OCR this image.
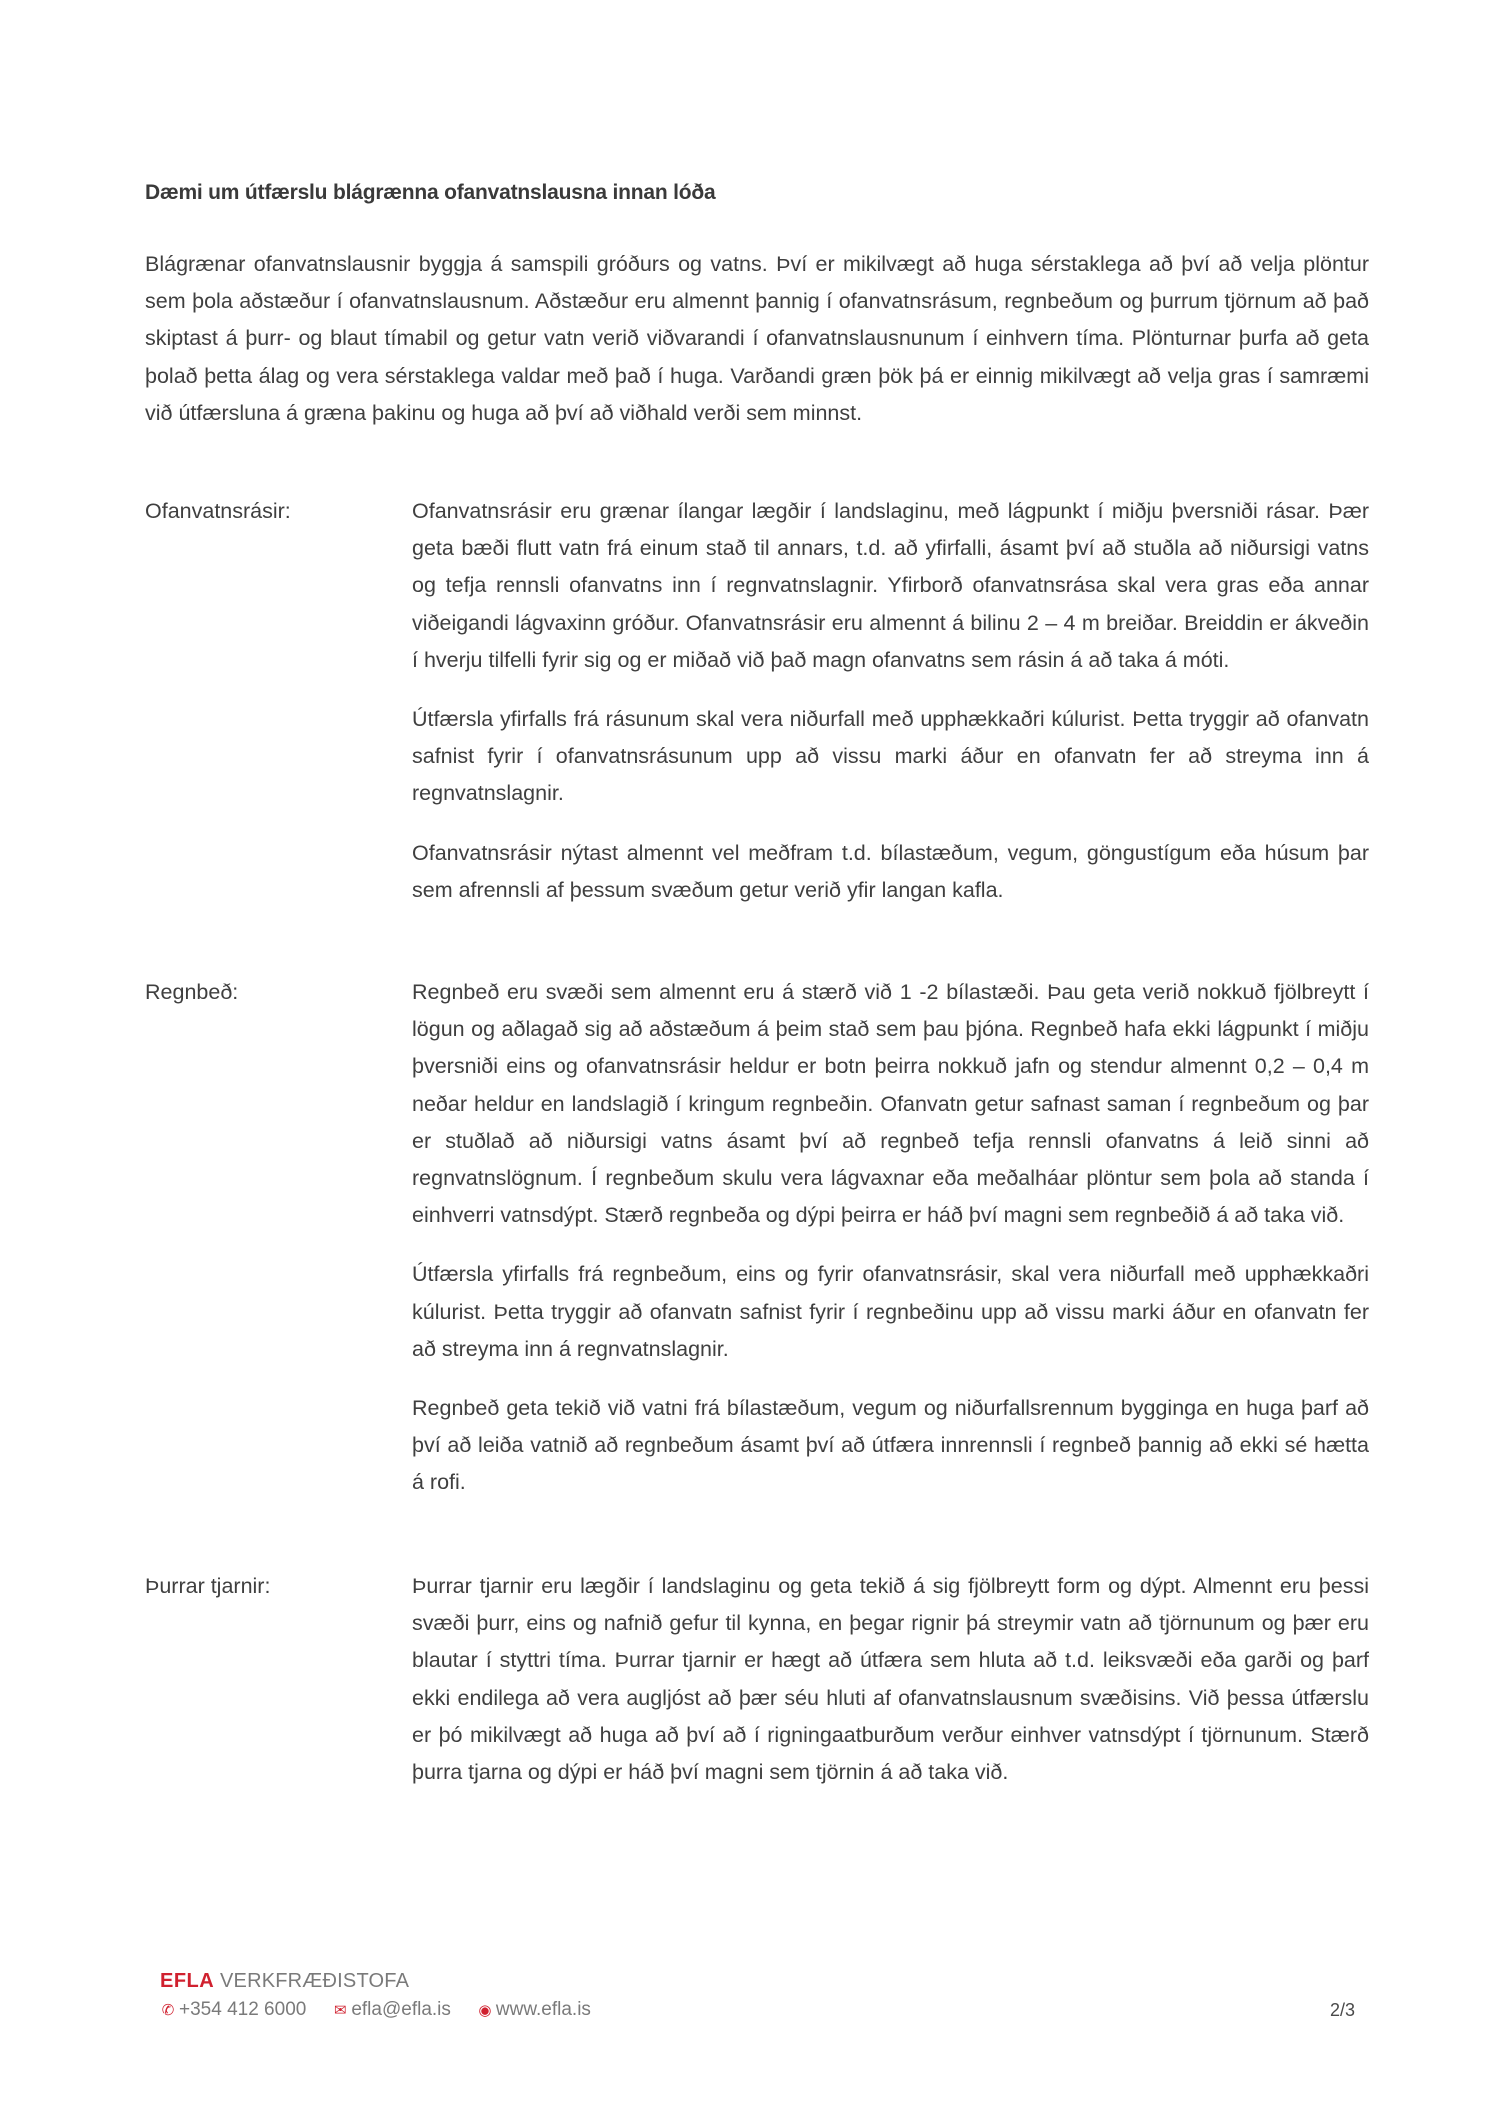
Dæmi um útfærslu blágrænna ofanvatnslausna innan lóða

Blágrænar ofanvatnslausnir byggja á samspili gróðurs og vatns. Því er mikilvægt að huga sérstaklega að því að velja plöntur sem þola aðstæður í ofanvatnslausnum. Aðstæður eru almennt þannig í ofanvatnsrásum, regnbeðum og þurrum tjörnum að það skiptast á þurr- og blaut tímabil og getur vatn verið viðvarandi í ofanvatnslausnunum í einhvern tíma. Plönturnar þurfa að geta þolað þetta álag og vera sérstaklega valdar með það í huga. Varðandi græn þök þá er einnig mikilvægt að velja gras í samræmi við útfærsluna á græna þakinu og huga að því að viðhald verði sem minnst.

Ofanvatnsrásir:	Ofanvatnsrásir eru grænar ílangar lægðir í landslaginu, með lágpunkt í miðju þversniði rásar. Þær geta bæði flutt vatn frá einum stað til annars, t.d. að yfirfalli, ásamt því að stuðla að niðursigi vatns og tefja rennsli ofanvatns inn í regnvatnslagnir. Yfirborð ofanvatnsrása skal vera gras eða annar viðeigandi lágvaxinn gróður. Ofanvatnsrásir eru almennt á bilinu 2 – 4 m breiðar. Breiddin er ákveðin í hverju tilfelli fyrir sig og er miðað við það magn ofanvatns sem rásin á að taka á móti.

Útfærsla yfirfalls frá rásunum skal vera niðurfall með upphækkaðri kúlurist. Þetta tryggir að ofanvatn safnist fyrir í ofanvatnsrásunum upp að vissu marki áður en ofanvatn fer að streyma inn á regnvatnslagnir.

Ofanvatnsrásir nýtast almennt vel meðfram t.d. bílastæðum, vegum, göngustígum eða húsum þar sem afrennsli af þessum svæðum getur verið yfir langan kafla.

Regnbeð:	Regnbeð eru svæði sem almennt eru á stærð við 1 -2 bílastæði. Þau geta verið nokkuð fjölbreytt í lögun og aðlagað sig að aðstæðum á þeim stað sem þau þjóna. Regnbeð hafa ekki lágpunkt í miðju þversniði eins og ofanvatnsrásir heldur er botn þeirra nokkuð jafn og stendur almennt 0,2 – 0,4 m neðar heldur en landslagið í kringum regnbeðin. Ofanvatn getur safnast saman í regnbeðum og þar er stuðlað að niðursigi vatns ásamt því að regnbeð tefja rennsli ofanvatns á leið sinni að regnvatnslögnum. Í regnbeðum skulu vera lágvaxnar eða meðalháar plöntur sem þola að standa í einhverri vatnsdýpt. Stærð regnbeða og dýpi þeirra er háð því magni sem regnbeðið á að taka við.

Útfærsla yfirfalls frá regnbeðum, eins og fyrir ofanvatnsrásir, skal vera niðurfall með upphækkaðri kúlurist. Þetta tryggir að ofanvatn safnist fyrir í regnbeðinu upp að vissu marki áður en ofanvatn fer að streyma inn á regnvatnslagnir.

Regnbeð geta tekið við vatni frá bílastæðum, vegum og niðurfallsrennum bygginga en huga þarf að því að leiða vatnið að regnbeðum ásamt því að útfæra innrennsli í regnbeð þannig að ekki sé hætta á rofi.

Þurrar tjarnir:	Þurrar tjarnir eru lægðir í landslaginu og geta tekið á sig fjölbreytt form og dýpt. Almennt eru þessi svæði þurr, eins og nafnið gefur til kynna, en þegar rignir þá streymir vatn að tjörnunum og þær eru blautar í styttri tíma. Þurrar tjarnir er hægt að útfæra sem hluta að t.d. leiksvæði eða garði og þarf ekki endilega að vera augljóst að þær séu hluti af ofanvatnslausnum svæðisins. Við þessa útfærslu er þó mikilvægt að huga að því að í rigningaatburðum verður einhver vatnsdýpt í tjörnunum. Stærð þurra tjarna og dýpi er háð því magni sem tjörnin á að taka við.

EFLA VERKFRÆÐISTOFA
✆ +354 412 6000 ✉ efla@efla.is ◉ www.efla.is	2/3
